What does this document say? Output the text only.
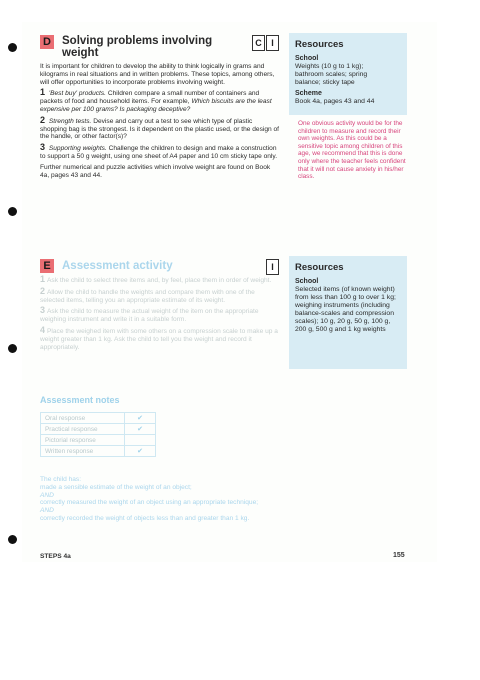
D Solving problems involving
weight
C	I

It is important for children to develop the ability to think logically in grams and kilograms in real situations and in written problems. These topics, among others, will offer opportunities to incorporate problems involving weight.

1 'Best buy' products. Children compare a small number of containers and packets of food and household items. For example, Which biscuits are the least expensive per 100 grams? Is packaging deceptive?

2 Strength tests. Devise and carry out a test to see which type of plastic shopping bag is the strongest. Is it dependent on the plastic used, or the design of the handle, or other factor(s)?

3 Supporting weights. Challenge the children to design and make a construction to support a 50 g weight, using one sheet of A4 paper and 10 cm sticky tape only.

Further numerical and puzzle activities which involve weight are found on Book 4a, pages 43 and 44.

Resources
School
Weights (10 g to 1 kg);
bathroom scales; spring
balance; sticky tape
Scheme
Book 4a, pages 43 and 44
One obvious activity would be for the children to measure and record their own weights. As this could be a sensitive topic among children of this age, we recommend that this is done only where the teacher feels confident that it will not cause anxiety in his/her class.
E Assessment activity	I

1 Ask the child to select three items and, by feel, place them in order of weight.

2 Allow the child to handle the weights and compare them with one of the selected items, telling you an appropriate estimate of its weight.

3 Ask the child to measure the actual weight of the item on the appropriate weighing instrument and write it in a suitable form.

4 Place the weighed item with some others on a compression scale to make up a weight greater than 1 kg. Ask the child to tell you the weight and record it appropriately.

Assessment notes
Oral response	✔
Practical response	✔
Pictorial response	
Written response	✔
The child has:
made a sensible estimate of the weight of an object;
AND
correctly measured the weight of an object using an appropriate technique;
AND
correctly recorded the weight of objects less than and greater than 1 kg.
Resources
School
Selected items (of known weight) from less than 100 g to over 1 kg; weighing instruments (including balance-scales and compression scales); 10 g, 20 g, 50 g, 100 g, 200 g, 500 g and 1 kg weights
STEPS 4a	155
